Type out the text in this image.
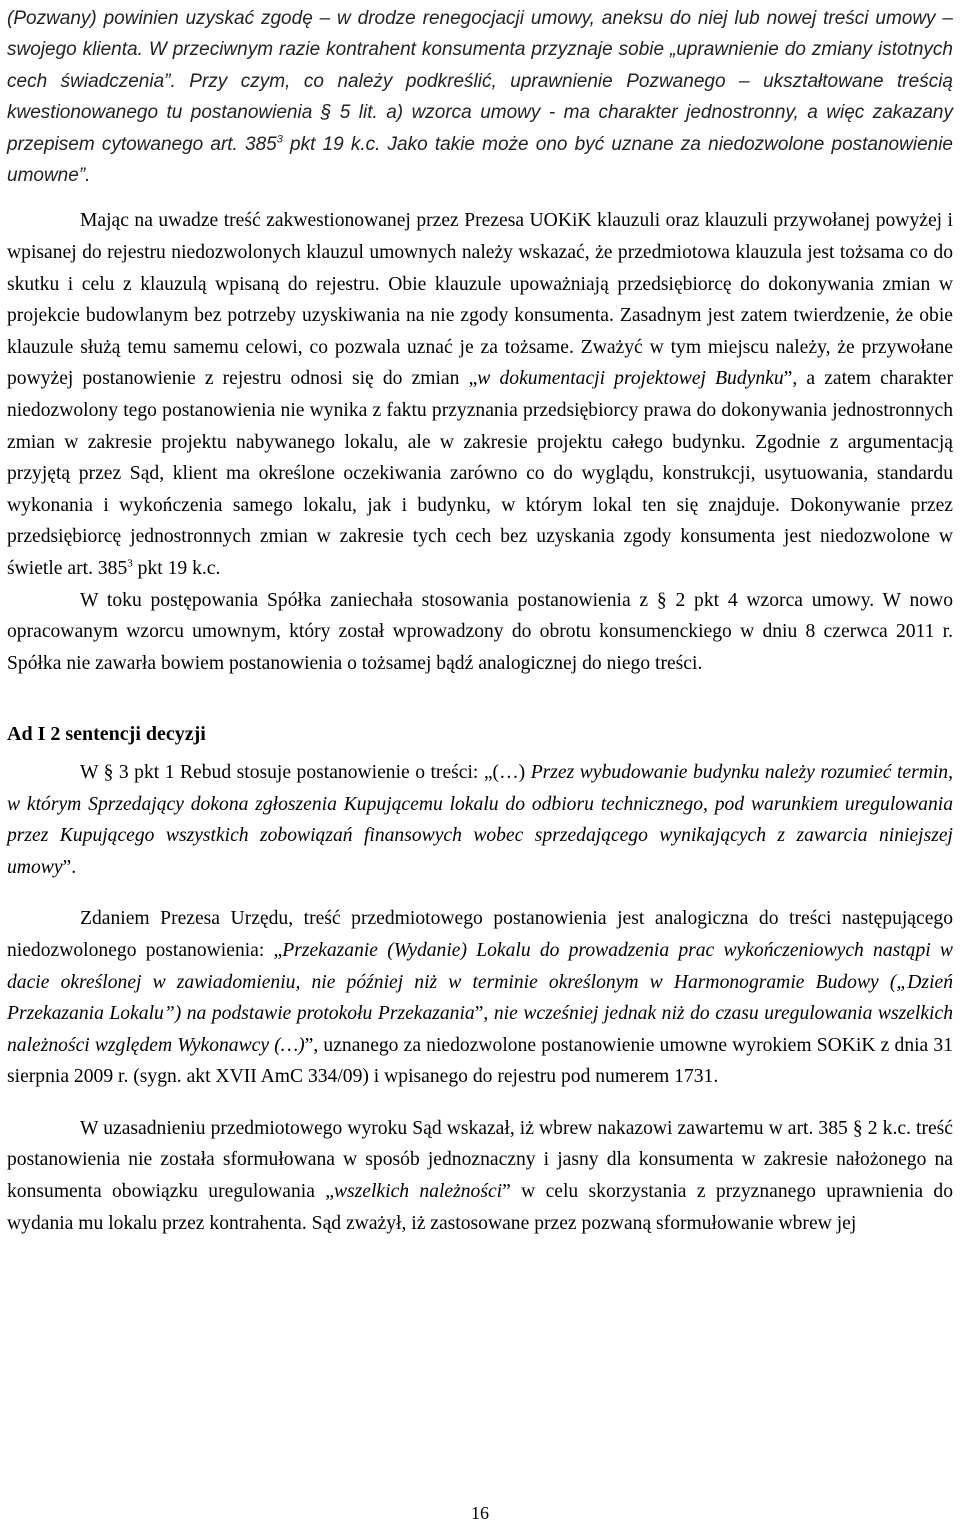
(Pozwany) powinien uzyskać zgodę – w drodze renegocjacji umowy, aneksu do niej lub nowej treści umowy – swojego klienta. W przeciwnym razie kontrahent konsumenta przyznaje sobie „uprawnienie do zmiany istotnych cech świadczenia”. Przy czym, co należy podkreślić, uprawnienie Pozwanego – ukształtowane treścią kwestionowanego tu postanowienia § 5 lit. a) wzorca umowy - ma charakter jednostronny, a więc zakazany przepisem cytowanego art. $385^3$ pkt 19 k.c. Jako takie może ono być uznane za niedozwolone postanowienie umowne”.

Mając na uwadze treść zakwestionowanej przez Prezesa UOKiK klauzuli oraz klauzuli przywołanej powyżej i wpisanej do rejestru niedozwolonych klauzul umownych należy wskazać, że przedmiotowa klauzula jest tożsama co do skutku i celu z klauzulą wpisaną do rejestru. Obie klauzule upoważniają przedsiębiorcę do dokonywania zmian w projekcie budowlanym bez potrzeby uzyskiwania na nie zgody konsumenta. Zasadnym jest zatem twierdzenie, że obie klauzule służą temu samemu celowi, co pozwala uznać je za tożsame. Zważyć w tym miejscu należy, że przywołane powyżej postanowienie z rejestru odnosi się do zmian „w dokumentacji projektowej Budynku”, a zatem charakter niedozwolony tego postanowienia nie wynika z faktu przyznania przedsiębiorcy prawa do dokonywania jednostronnych zmian w zakresie projektu nabywanego lokalu, ale w zakresie projektu całego budynku. Zgodnie z argumentacją przyjętą przez Sąd, klient ma określone oczekiwania zarówno co do wyglądu, konstrukcji, usytuowania, standardu wykonania i wykończenia samego lokalu, jak i budynku, w którym lokal ten się znajduje. Dokonywanie przez przedsiębiorcę jednostronnych zmian w zakresie tych cech bez uzyskania zgody konsumenta jest niedozwolone w świetle art. $385^3$ pkt 19 k.c.

W toku postępowania Spółka zaniechała stosowania postanowienia z § 2 pkt 4 wzorca umowy. W nowo opracowanym wzorcu umownym, który został wprowadzony do obrotu konsumenckiego w dniu 8 czerwca 2011 r. Spółka nie zawarła bowiem postanowienia o tożsamej bądź analogicznej do niego treści.

Ad I 2 sentencji decyzji

W § 3 pkt 1 Rebud stosuje postanowienie o treści: „(…) Przez wybudowanie budynku należy rozumieć termin, w którym Sprzedający dokona zgłoszenia Kupującemu lokalu do odbioru technicznego, pod warunkiem uregulowania przez Kupującego wszystkich zobowiązań finansowych wobec sprzedającego wynikających z zawarcia niniejszej umowy”.

Zdaniem Prezesa Urzędu, treść przedmiotowego postanowienia jest analogiczna do treści następującego niedozwolonego postanowienia: „Przekazanie (Wydanie) Lokalu do prowadzenia prac wykończeniowych nastąpi w dacie określonej w zawiadomieniu, nie później niż w terminie określonym w Harmonogramie Budowy („Dzień Przekazania Lokalu”) na podstawie protokołu Przekazania”, nie wcześniej jednak niż do czasu uregulowania wszelkich należności względem Wykonawcy (…)”, uznanego za niedozwolone postanowienie umowne wyrokiem SOKiK z dnia 31 sierpnia 2009 r. (sygn. akt XVII AmC 334/09) i wpisanego do rejestru pod numerem 1731.

W uzasadnieniu przedmiotowego wyroku Sąd wskazał, iż wbrew nakazowi zawartemu w art. 385 § 2 k.c. treść postanowienia nie została sformułowana w sposób jednoznaczny i jasny dla konsumenta w zakresie nałożonego na konsumenta obowiązku uregulowania „wszelkich należności” w celu skorzystania z przyznanego uprawnienia do wydania mu lokalu przez kontrahenta. Sąd zważył, iż zastosowane przez pozwaną sformułowanie wbrew jej

16
